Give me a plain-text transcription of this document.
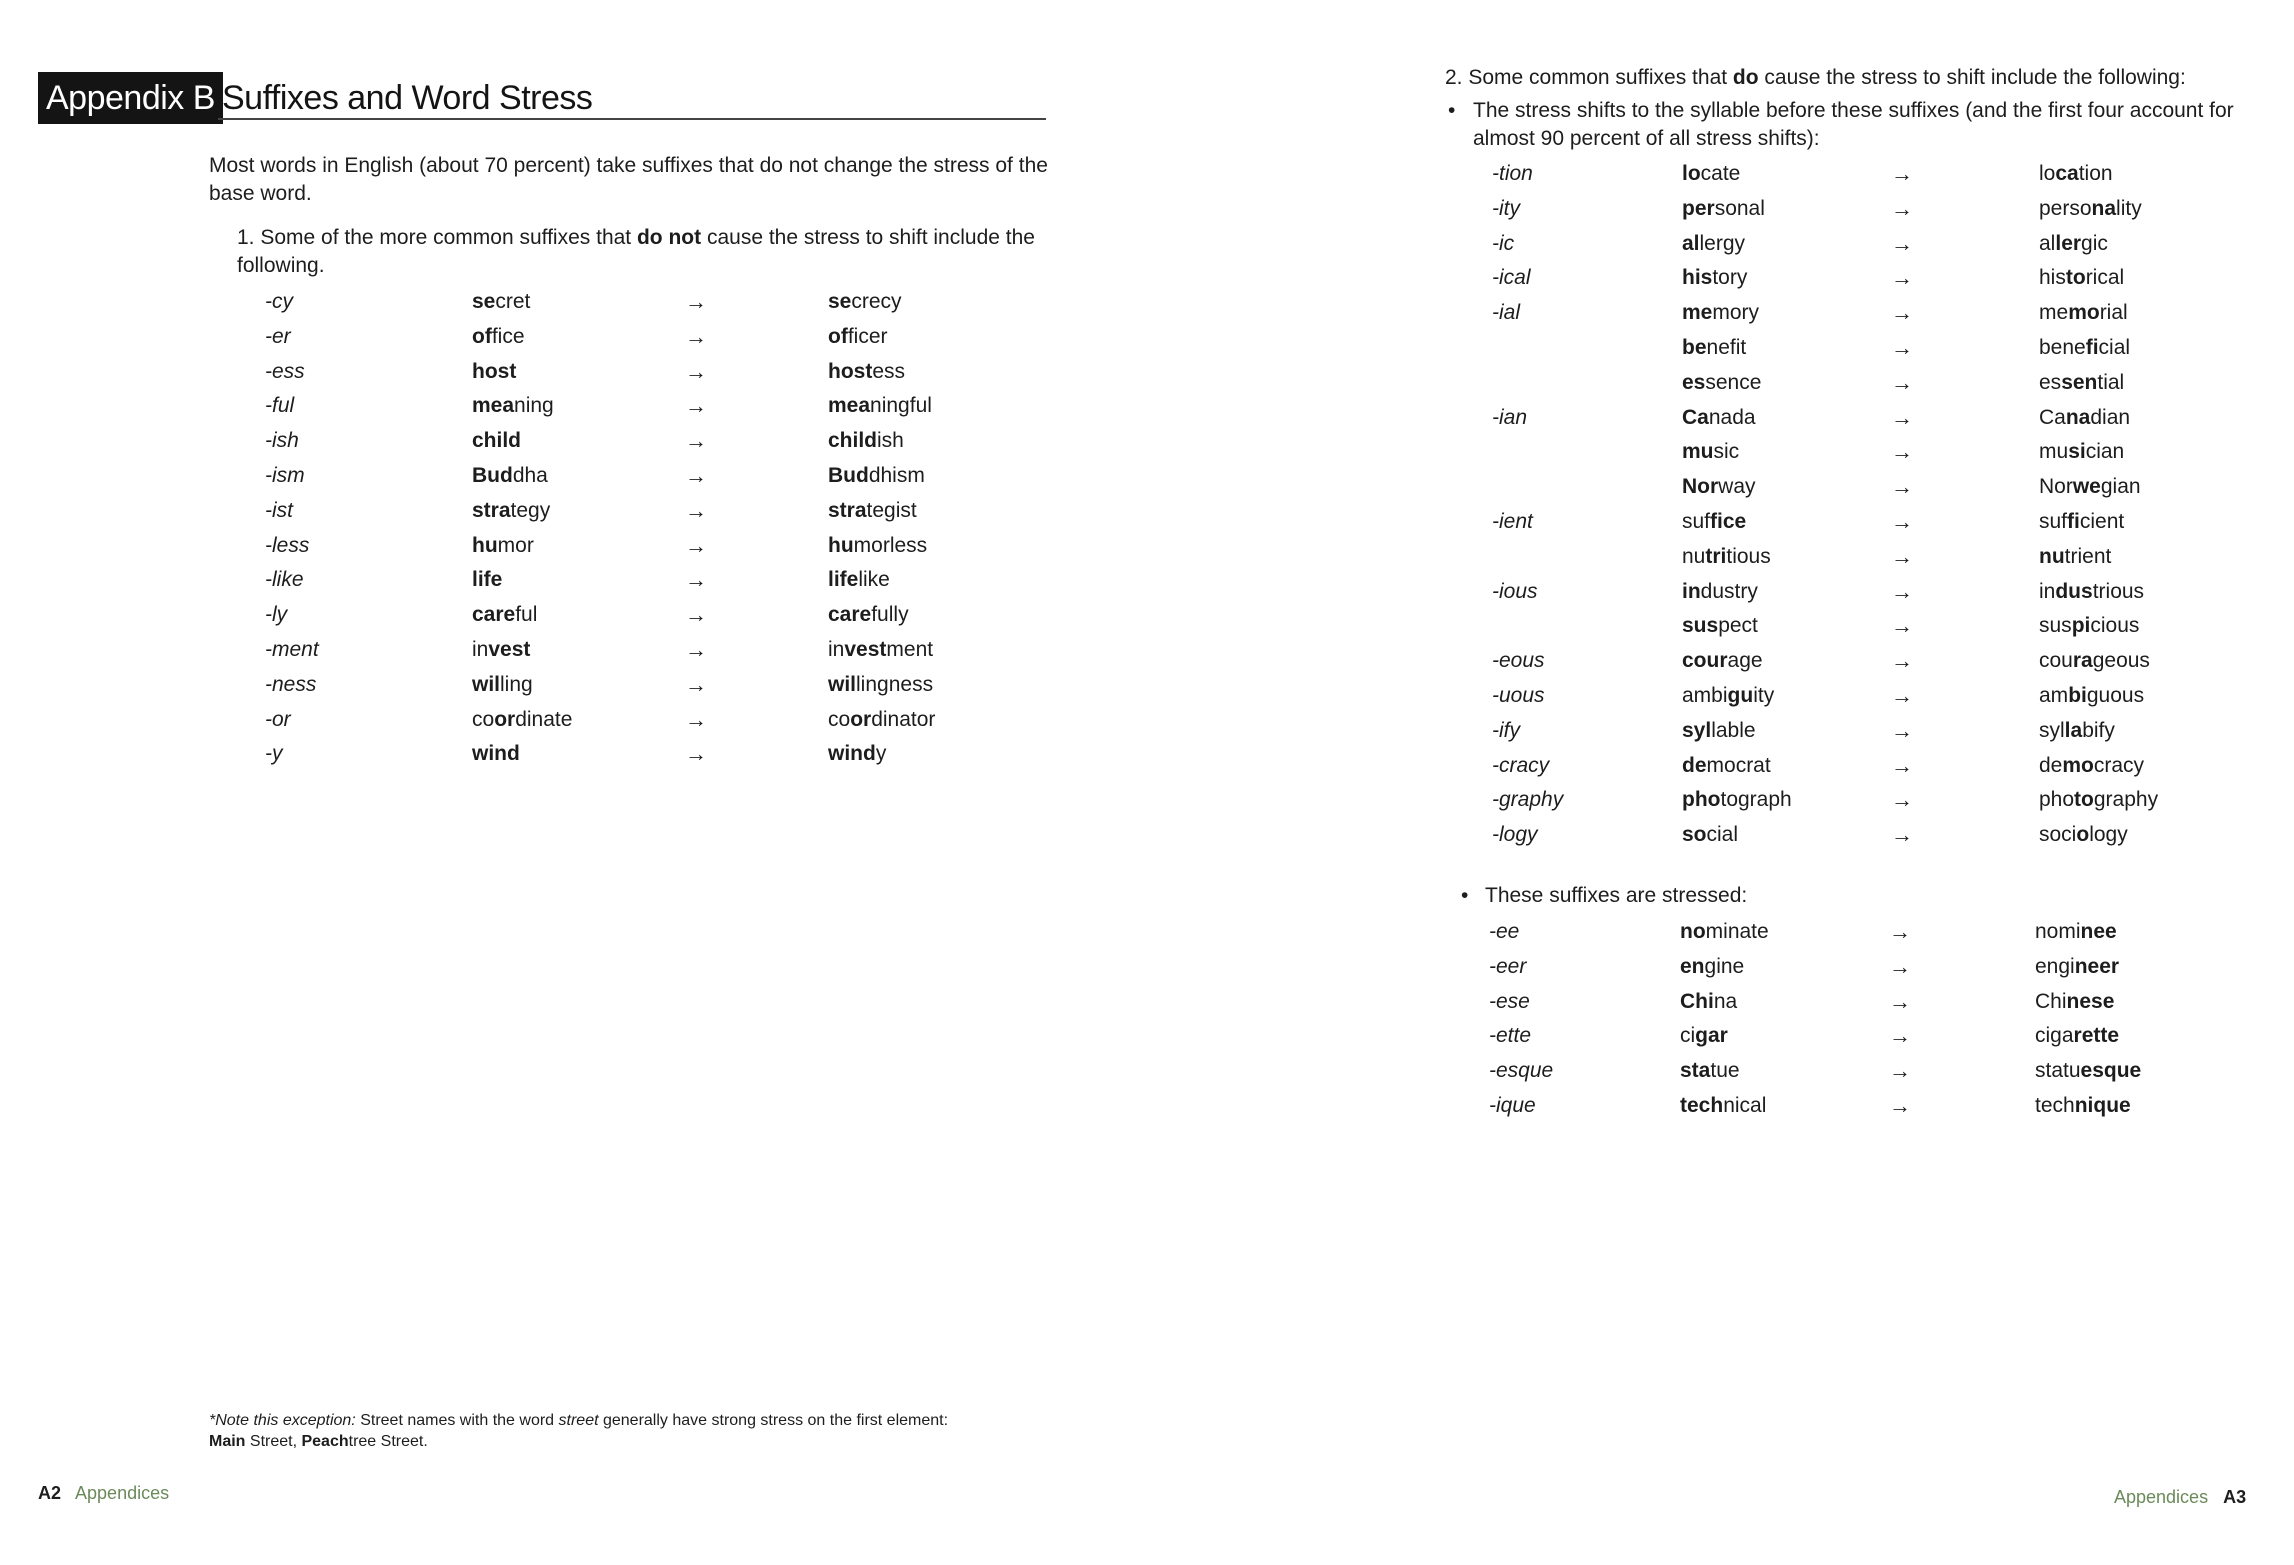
Appendix B Suffixes and Word Stress
Most words in English (about 70 percent) take suffixes that do not change the stress of the base word.
1. Some of the more common suffixes that do not cause the stress to shift include the following.
-cy	secret	→	secrecy
-er	office	→	officer
-ess	host	→	hostess
-ful	meaning	→	meaningful
-ish	child	→	childish
-ism	Buddha	→	Buddhism
-ist	strategy	→	strategist
-less	humor	→	humorless
-like	life	→	lifelike
-ly	careful	→	carefully
-ment	invest	→	investment
-ness	willing	→	willingness
-or	coordinate	→	coordinator
-y	wind	→	windy
*Note this exception: Street names with the word street generally have strong stress on the first element:
Main Street, Peachtree Street.
A2 Appendices
2. Some common suffixes that do cause the stress to shift include the following:
• The stress shifts to the syllable before these suffixes (and the first four account for almost 90 percent of all stress shifts):
-tion	locate	→	location
-ity	personal	→	personality
-ic	allergy	→	allergic
-ical	history	→	historical
-ial	memory	→	memorial
benefit	→	beneficial
essence	→	essential
-ian	Canada	→	Canadian
music	→	musician
Norway	→	Norwegian
-ient	suffice	→	sufficient
nutritious	→	nutrient
-ious	industry	→	industrious
suspect	→	suspicious
-eous	courage	→	courageous
-uous	ambiguity	→	ambiguous
-ify	syllable	→	syllabify
-cracy	democrat	→	democracy
-graphy	photograph	→	photography
-logy	social	→	sociology
• These suffixes are stressed:
-ee	nominate	→	nominee
-eer	engine	→	engineer
-ese	China	→	Chinese
-ette	cigar	→	cigarette
-esque	statue	→	statuesque
-ique	technical	→	technique
Appendices A3
